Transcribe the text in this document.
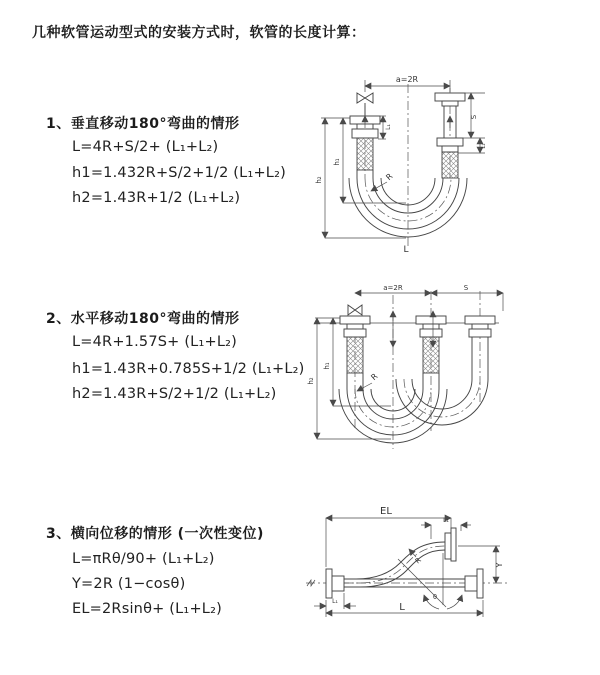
几种软管运动型式的安装方式时，软管的长度计算：
1、垂直移动180°弯曲的情形
L=4R+S/2+ (L₁+L₂)
h1=1.432R+S/2+1/2 (L₁+L₂)
h2=1.43R+1/2 (L₁+L₂)
2、水平移动180°弯曲的情形
L=4R+1.57S+ (L₁+L₂)
h1=1.43R+0.785S+1/2 (L₁+L₂)
h2=1.43R+S/2+1/2 (L₁+L₂)
3、横向位移的情形 (一次性变位)
L=πRθ/90+ (L₁+L₂)
Y=2R (1−cosθ)
EL=2Rsinθ+ (L₁+L₂)
a=2R
L₁
h₁
h₂
S
L₁
R
L
a=2R	S
h₁
h₂	R
EL
L₁
Y
L
L₁
θ
R
